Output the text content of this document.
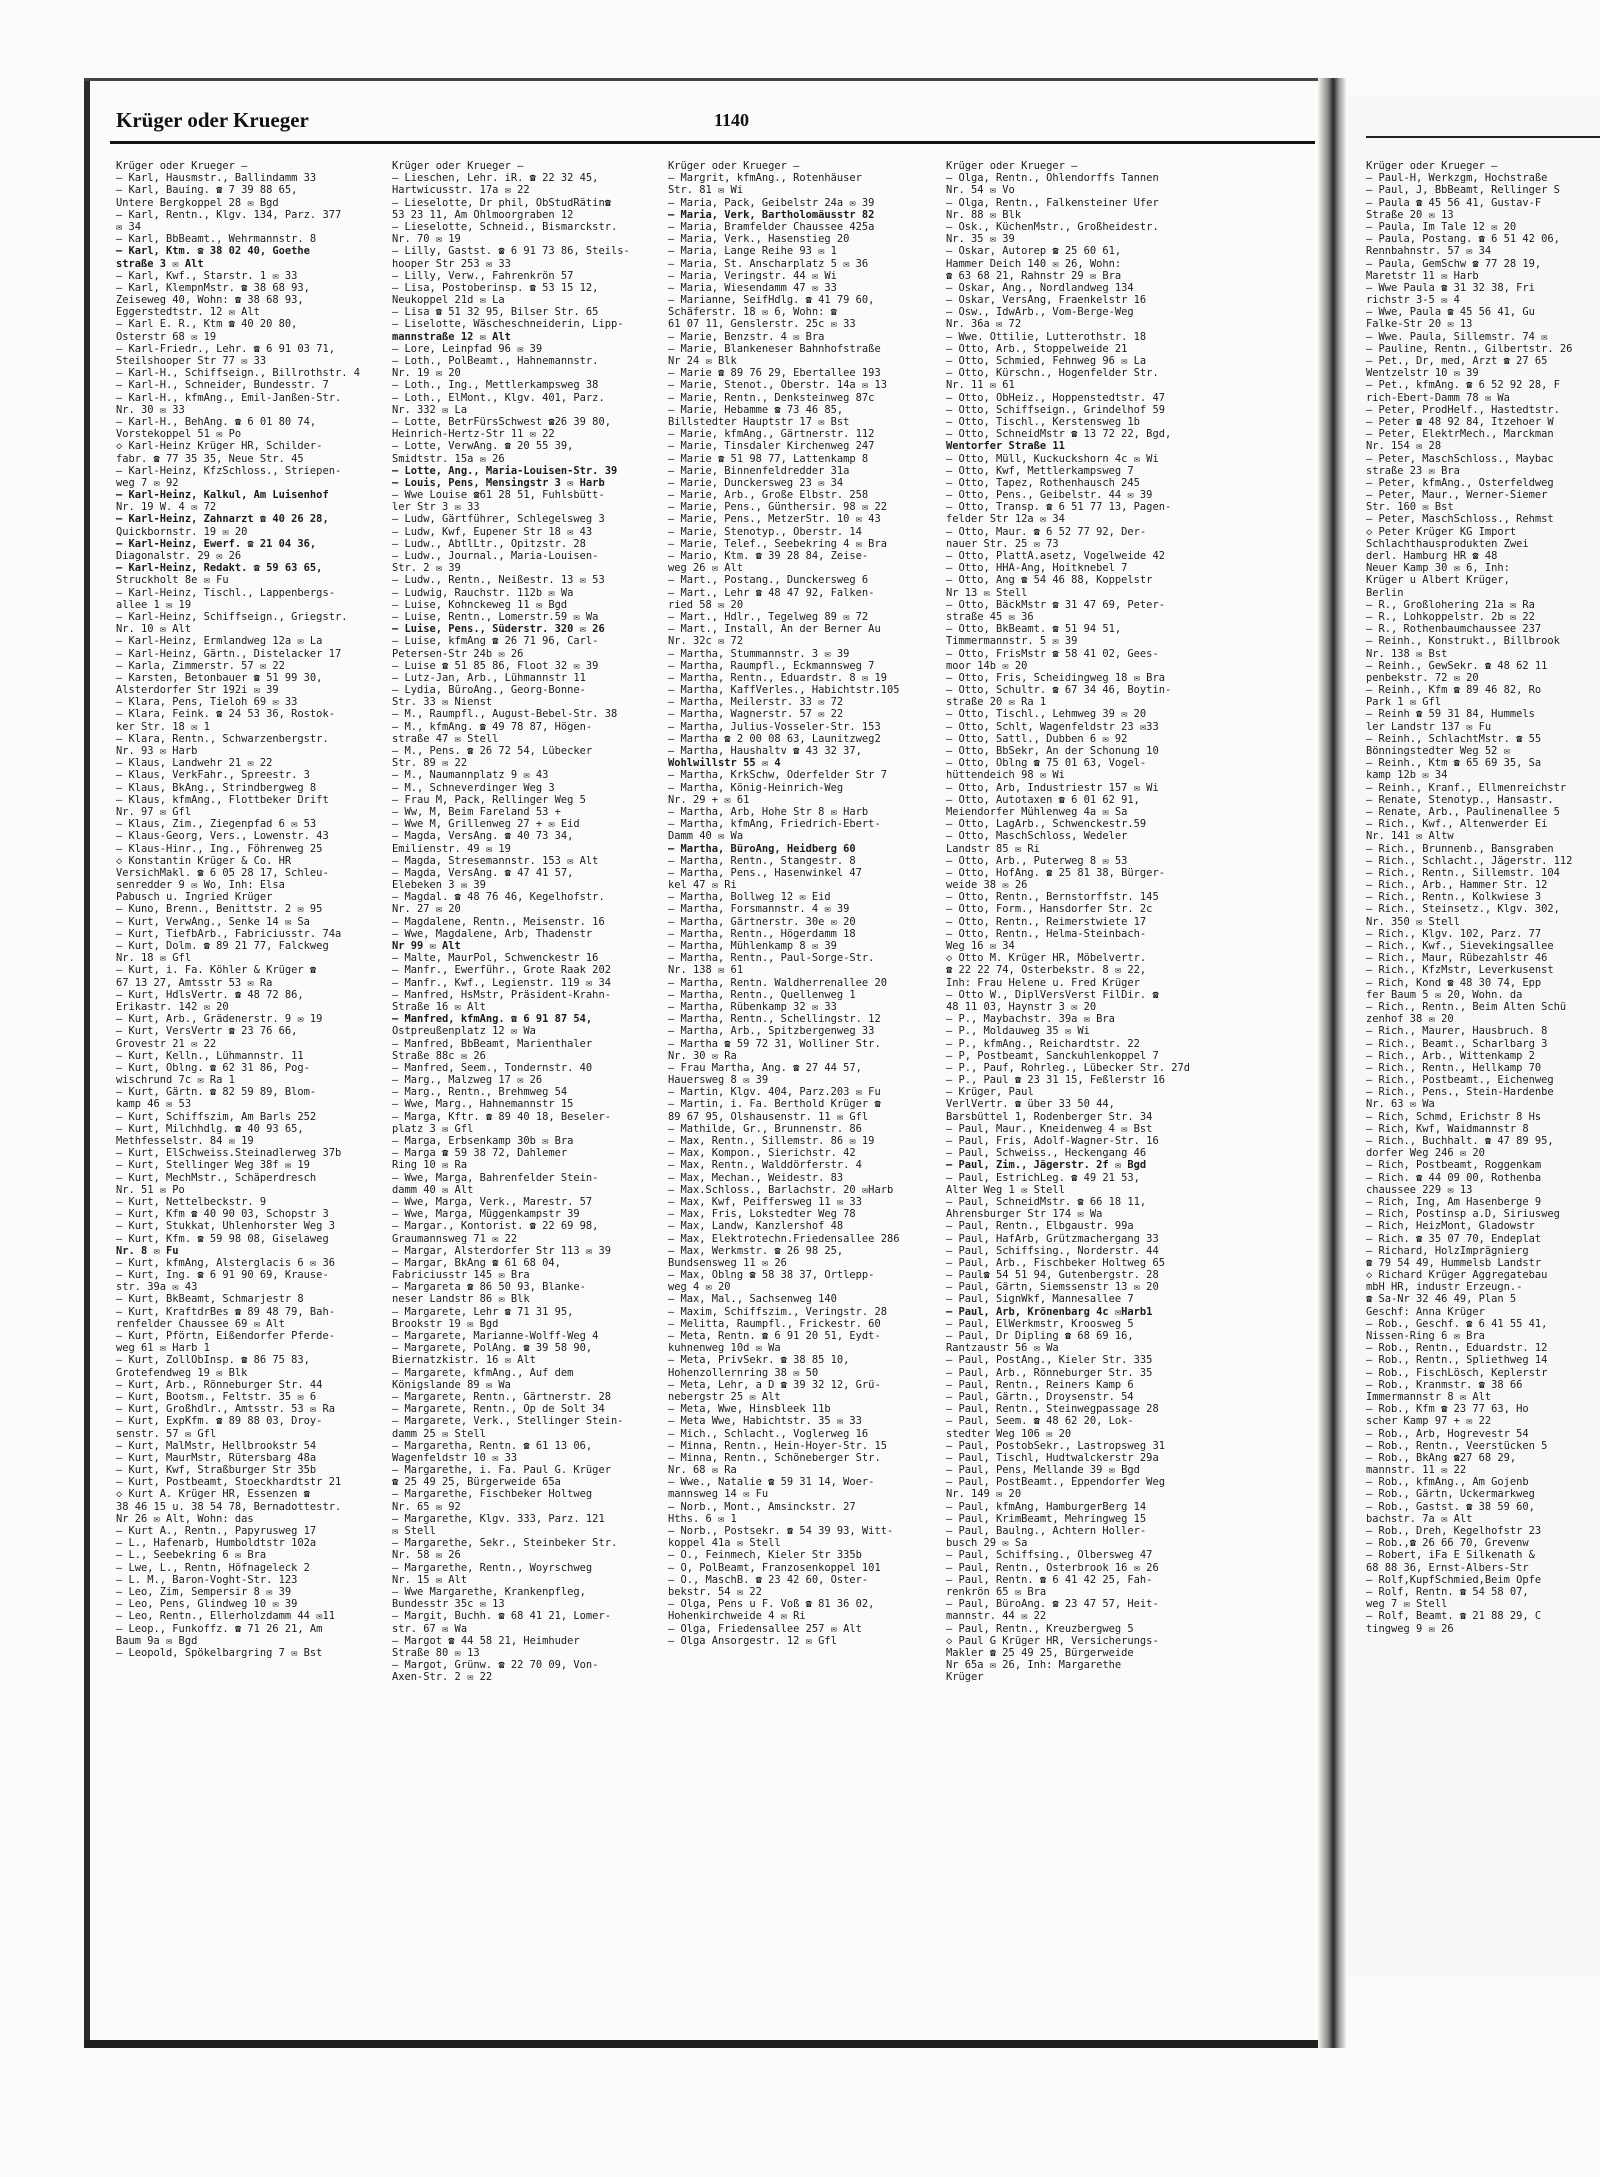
Krüger oder Krueger	1140
Krüger oder Krueger —
— Karl, Hausmstr., Ballindamm 33
— Karl, Bauing. ☎ 7 39 88 65,
Untere Bergkoppel 28 ✉ Bgd
— Karl, Rentn., Klgv. 134, Parz. 377
✉ 34
— Karl, BbBeamt., Wehrmannstr. 8
— Karl, Ktm. ☎ 38 02 40, Goethe
straße 3 ✉ Alt
— Karl, Kwf., Starstr. 1 ✉ 33
— Karl, KlempnMstr. ☎ 38 68 93,
Zeiseweg 40, Wohn: ☎ 38 68 93,
Eggerstedtstr. 12 ✉ Alt
— Karl E. R., Ktm ☎ 40 20 80,
Osterstr 68 ✉ 19
— Karl-Friedr., Lehr. ☎ 6 91 03 71,
Steilshooper Str 77 ✉ 33
— Karl-H., Schiffseign., Billrothstr. 4
— Karl-H., Schneider, Bundesstr. 7
— Karl-H., kfmAng., Emil-Janßen-Str.
Nr. 30 ✉ 33
— Karl-H., BehAng. ☎ 6 01 80 74,
Vorstekoppel 51 ✉ Po
◇ Karl-Heinz Krüger HR, Schilder-
fabr. ☎ 77 35 35, Neue Str. 45
— Karl-Heinz, KfzSchloss., Striepen-
weg 7 ✉ 92
— Karl-Heinz, Kalkul, Am Luisenhof
Nr. 19 W. 4 ✉ 72
— Karl-Heinz, Zahnarzt ☎ 40 26 28,
Quickbornstr. 19 ✉ 20
— Karl-Heinz, Ewerf. ☎ 21 04 36,
Diagonalstr. 29 ✉ 26
— Karl-Heinz, Redakt. ☎ 59 63 65,
Struckholt 8e ✉ Fu
— Karl-Heinz, Tischl., Lappenbergs-
allee 1 ✉ 19
— Karl-Heinz, Schiffseign., Griegstr.
Nr. 10 ✉ Alt
— Karl-Heinz, Ermlandweg 12a ✉ La
— Karl-Heinz, Gärtn., Distelacker 17
— Karla, Zimmerstr. 57 ✉ 22
— Karsten, Betonbauer ☎ 51 99 30,
Alsterdorfer Str 192i ✉ 39
— Klara, Pens, Tieloh 69 ✉ 33
— Klara, Feink. ☎ 24 53 36, Rostok-
ker Str. 18 ✉ 1
— Klara, Rentn., Schwarzenbergstr.
Nr. 93 ✉ Harb
— Klaus, Landwehr 21 ✉ 22
— Klaus, VerkFahr., Spreestr. 3
— Klaus, BkAng., Strindbergweg 8
— Klaus, kfmAng., Flottbeker Drift
Nr. 97 ✉ Gfl
— Klaus, Zim., Ziegenpfad 6 ✉ 53
— Klaus-Georg, Vers., Lowenstr. 43
— Klaus-Hinr., Ing., Föhrenweg 25
◇ Konstantin Krüger & Co. HR
VersichMakl. ☎ 6 05 28 17, Schleu-
senredder 9 ✉ Wo, Inh: Elsa
Pabusch u. Ingried Krüger
— Kuno, Brenn., Benittstr. 2 ✉ 95
— Kurt, VerwAng., Senke 14 ✉ Sa
— Kurt, TiefbArb., Fabriciusstr. 74a
— Kurt, Dolm. ☎ 89 21 77, Falckweg
Nr. 18 ✉ Gfl
— Kurt, i. Fa. Köhler & Krüger ☎
67 13 27, Amtsstr 53 ✉ Ra
— Kurt, HdlsVertr. ☎ 48 72 86,
Erikastr. 142 ✉ 20
— Kurt, Arb., Grädenerstr. 9 ✉ 19
— Kurt, VersVertr ☎ 23 76 66,
Grovestr 21 ✉ 22
— Kurt, Kelln., Lühmannstr. 11
— Kurt, Oblng. ☎ 62 31 86, Pog-
wischrund 7c ✉ Ra 1
— Kurt, Gärtn. ☎ 82 59 89, Blom-
kamp 46 ✉ 53
— Kurt, Schiffszim, Am Barls 252
— Kurt, Milchhdlg. ☎ 40 93 65,
Methfesselstr. 84 ✉ 19
— Kurt, ElSchweiss.Steinadlerweg 37b
— Kurt, Stellinger Weg 38f ✉ 19
— Kurt, MechMstr., Schäperdresch
Nr. 51 ✉ Po
— Kurt, Nettelbeckstr. 9
— Kurt, Kfm ☎ 40 90 03, Schopstr 3
— Kurt, Stukkat, Uhlenhorster Weg 3
— Kurt, Kfm. ☎ 59 98 08, Giselaweg
Nr. 8 ✉ Fu
— Kurt, kfmAng, Alsterglacis 6 ✉ 36
— Kurt, Ing. ☎ 6 91 90 69, Krause-
str. 39a ✉ 43
— Kurt, BkBeamt, Schmarjestr 8
— Kurt, KraftdrBes ☎ 89 48 79, Bah-
renfelder Chaussee 69 ✉ Alt
— Kurt, Pförtn, Eißendorfer Pferde-
weg 61 ✉ Harb 1
— Kurt, ZollObInsp. ☎ 86 75 83,
Grotefendweg 19 ✉ Blk
— Kurt, Arb., Rönneburger Str. 44
— Kurt, Bootsm., Feltstr. 35 ✉ 6
— Kurt, Großhdlr., Amtsstr. 53 ✉ Ra
— Kurt, ExpKfm. ☎ 89 88 03, Droy-
senstr. 57 ✉ Gfl
— Kurt, MalMstr, Hellbrookstr 54
— Kurt, MaurMstr, Rütersbarg 48a
— Kurt, Kwf, Straßburger Str 35b
— Kurt, Postbeamt, Stoeckhardtstr 21
◇ Kurt A. Krüger HR, Essenzen ☎
38 46 15 u. 38 54 78, Bernadottestr.
Nr 26 ✉ Alt, Wohn: das
— Kurt A., Rentn., Papyrusweg 17
— L., Hafenarb, Humboldtstr 102a
— L., Seebekring 6 ✉ Bra
— Lwe, L., Rentn, Höfnageleck 2
— L. M., Baron-Voght-Str. 123
— Leo, Zim, Sempersir 8 ✉ 39
— Leo, Pens, Glindweg 10 ✉ 39
— Leo, Rentn., Ellerholzdamm 44 ✉11
— Leop., Funkoffz. ☎ 71 26 21, Am
Baum 9a ✉ Bgd
— Leopold, Spökelbargring 7 ✉ Bst
Krüger oder Krueger —
— Lieschen, Lehr. iR. ☎ 22 32 45,
Hartwicusstr. 17a ✉ 22
— Lieselotte, Dr phil, ObStudRätin☎
53 23 11, Am Ohlmoorgraben 12
— Lieselotte, Schneid., Bismarckstr.
Nr. 70 ✉ 19
— Lilly, Gastst. ☎ 6 91 73 86, Steils-
hooper Str 253 ✉ 33
— Lilly, Verw., Fahrenkrön 57
— Lisa, Postoberinsp. ☎ 53 15 12,
Neukoppel 21d ✉ La
— Lisa ☎ 51 32 95, Bilser Str. 65
— Liselotte, Wäscheschneiderin, Lipp-
mannstraße 12 ✉ Alt
— Lore, Leinpfad 96 ✉ 39
— Loth., PolBeamt., Hahnemannstr.
Nr. 19 ✉ 20
— Loth., Ing., Mettlerkampsweg 38
— Loth., ElMont., Klgv. 401, Parz.
Nr. 332 ✉ La
— Lotte, BetrFürsSchwest ☎26 39 80,
Heinrich-Hertz-Str 11 ✉ 22
— Lotte, VerwAng. ☎ 20 55 39,
Smidtstr. 15a ✉ 26
— Lotte, Ang., Maria-Louisen-Str. 39
— Louis, Pens, Mensingstr 3 ✉ Harb
— Wwe Louise ☎61 28 51, Fuhlsbütt-
ler Str 3 ✉ 33
— Ludw, Gärtführer, Schlegelsweg 3
— Ludw, Kwf, Eupener Str 18 ✉ 43
— Ludw., AbtlLtr., Opitzstr. 28
— Ludw., Journal., Maria-Louisen-
Str. 2 ✉ 39
— Ludw., Rentn., Neißestr. 13 ✉ 53
— Ludwig, Rauchstr. 112b ✉ Wa
— Luise, Kohnckeweg 11 ✉ Bgd
— Luise, Rentn., Lomerstr.59 ✉ Wa
— Luise, Pens., Süderstr. 320 ✉ 26
— Luise, kfmAng ☎ 26 71 96, Carl-
Petersen-Str 24b ✉ 26
— Luise ☎ 51 85 86, Floot 32 ✉ 39
— Lutz-Jan, Arb., Lühmannstr 11
— Lydia, BüroAng., Georg-Bonne-
Str. 33 ✉ Nienst
— M., Raumpfl., August-Bebel-Str. 38
— M., kfmAng. ☎ 49 78 87, Högen-
straße 47 ✉ Stell
— M., Pens. ☎ 26 72 54, Lübecker
Str. 89 ✉ 22
— M., Naumannplatz 9 ✉ 43
— M., Schneverdinger Weg 3
— Frau M, Pack, Rellinger Weg 5
— Ww, M, Beim Fareland 53 +
— Wwe M, Grillenweg 27 + ✉ Eid
— Magda, VersAng. ☎ 40 73 34,
Emilienstr. 49 ✉ 19
— Magda, Stresemannstr. 153 ✉ Alt
— Magda, VersAng. ☎ 47 41 57,
Elebeken 3 ✉ 39
— Magdal. ☎ 48 76 46, Kegelhofstr.
Nr. 27 ✉ 20
— Magdalene, Rentn., Meisenstr. 16
— Wwe, Magdalene, Arb, Thadenstr
Nr 99 ✉ Alt
— Malte, MaurPol, Schwenckestr 16
— Manfr., Ewerführ., Grote Raak 202
— Manfr., Kwf., Legienstr. 119 ✉ 34
— Manfred, HsMstr, Präsident-Krahn-
Straße 16 ✉ Alt
— Manfred, kfmAng. ☎ 6 91 87 54,
Ostpreußenplatz 12 ✉ Wa
— Manfred, BbBeamt, Marienthaler
Straße 88c ✉ 26
— Manfred, Seem., Tondernstr. 40
— Marg., Malzweg 17 ✉ 26
— Marg., Rentn., Brehmweg 54
— Wwe, Marg., Hahnemannstr 15
— Marga, Kftr. ☎ 89 40 18, Beseler-
platz 3 ✉ Gfl
— Marga, Erbsenkamp 30b ✉ Bra
— Marga ☎ 59 38 72, Dahlemer
Ring 10 ✉ Ra
— Wwe, Marga, Bahrenfelder Stein-
damm 40 ✉ Alt
— Wwe, Marga, Verk., Marestr. 57
— Wwe, Marga, Müggenkampstr 39
— Margar., Kontorist. ☎ 22 69 98,
Graumannsweg 71 ✉ 22
— Margar, Alsterdorfer Str 113 ✉ 39
— Margar, BkAng ☎ 61 68 04,
Fabriciusstr 145 ✉ Bra
— Margareta ☎ 86 50 93, Blanke-
neser Landstr 86 ✉ Blk
— Margarete, Lehr ☎ 71 31 95,
Brookstr 19 ✉ Bgd
— Margarete, Marianne-Wolff-Weg 4
— Margarete, PolAng. ☎ 39 58 90,
Biernatzkistr. 16 ✉ Alt
— Margarete, kfmAng., Auf dem
Königslande 89 ✉ Wa
— Margarete, Rentn., Gärtnerstr. 28
— Margarete, Rentn., Op de Solt 34
— Margarete, Verk., Stellinger Stein-
damm 25 ✉ Stell
— Margaretha, Rentn. ☎ 61 13 06,
Wagenfeldstr 10 ✉ 33
— Margarethe, i. Fa. Paul G. Krüger
☎ 25 49 25, Bürgerweide 65a
— Margarethe, Fischbeker Holtweg
Nr. 65 ✉ 92
— Margarethe, Klgv. 333, Parz. 121
✉ Stell
— Margarethe, Sekr., Steinbeker Str.
Nr. 58 ✉ 26
— Margarethe, Rentn., Woyrschweg
Nr. 15 ✉ Alt
— Wwe Margarethe, Krankenpfleg,
Bundesstr 35c ✉ 13
— Margit, Buchh. ☎ 68 41 21, Lomer-
str. 67 ✉ Wa
— Margot ☎ 44 58 21, Heimhuder
Straße 80 ✉ 13
— Margot, Grünw. ☎ 22 70 09, Von-
Axen-Str. 2 ✉ 22
Krüger oder Krueger —
— Margrit, kfmAng., Rotenhäuser
Str. 81 ✉ Wi
— Maria, Pack, Geibelstr 24a ✉ 39
— Maria, Verk, Bartholomäusstr 82
— Maria, Bramfelder Chaussee 425a
— Maria, Verk., Hasenstieg 20
— Maria, Lange Reihe 93 ✉ 1
— Maria, St. Anscharplatz 5 ✉ 36
— Maria, Veringstr. 44 ✉ Wi
— Maria, Wiesendamm 47 ✉ 33
— Marianne, SeifHdlg. ☎ 41 79 60,
Schäferstr. 18 ✉ 6, Wohn: ☎
61 07 11, Genslerstr. 25c ✉ 33
— Marie, Benzstr. 4 ✉ Bra
— Marie, Blankeneser Bahnhofstraße
Nr 24 ✉ Blk
— Marie ☎ 89 76 29, Ebertallee 193
— Marie, Stenot., Oberstr. 14a ✉ 13
— Marie, Rentn., Denksteinweg 87c
— Marie, Hebamme ☎ 73 46 85,
Billstedter Hauptstr 17 ✉ Bst
— Marie, kfmAng., Gärtnerstr. 112
— Marie, Tinsdaler Kirchenweg 247
— Marie ☎ 51 98 77, Lattenkamp 8
— Marie, Binnenfeldredder 31a
— Marie, Dunckersweg 23 ✉ 34
— Marie, Arb., Große Elbstr. 258
— Marie, Pens., Günthersir. 98 ✉ 22
— Marie, Pens., MetzerStr. 10 ✉ 43
— Marie, Stenotyp., Oberstr. 14
— Marie, Telef., Seebekring 4 ✉ Bra
— Mario, Ktm. ☎ 39 28 84, Zeise-
weg 26 ✉ Alt
— Mart., Postang., Dunckersweg 6
— Mart., Lehr ☎ 48 47 92, Falken-
ried 58 ✉ 20
— Mart., Hdlr., Tegelweg 89 ✉ 72
— Mart., Install, An der Berner Au
Nr. 32c ✉ 72
— Martha, Stummannstr. 3 ✉ 39
— Martha, Raumpfl., Eckmannsweg 7
— Martha, Rentn., Eduardstr. 8 ✉ 19
— Martha, KaffVerles., Habichtstr.105
— Martha, Meilerstr. 33 ✉ 72
— Martha, Wagnerstr. 57 ✉ 22
— Martha, Julius-Vosseler-Str. 153
— Martha ☎ 2 00 08 63, Launitzweg2
— Martha, Haushaltv ☎ 43 32 37,
Wohlwillstr 55 ✉ 4
— Martha, KrkSchw, Oderfelder Str 7
— Martha, König-Heinrich-Weg
Nr. 29 + ✉ 61
— Martha, Arb, Hohe Str 8 ✉ Harb
— Martha, kfmAng, Friedrich-Ebert-
Damm 40 ✉ Wa
— Martha, BüroAng, Heidberg 60
— Martha, Rentn., Stangestr. 8
— Martha, Pens., Hasenwinkel 47
kel 47 ✉ Ri
— Martha, Bollweg 12 ✉ Eid
— Martha, Forsmannstr. 4 ✉ 39
— Martha, Gärtnerstr. 30e ✉ 20
— Martha, Rentn., Högerdamm 18
— Martha, Mühlenkamp 8 ✉ 39
— Martha, Rentn., Paul-Sorge-Str.
Nr. 138 ✉ 61
— Martha, Rentn. Waldherrenallee 20
— Martha, Rentn., Quellenweg 1
— Martha, Rübenkamp 32 ✉ 33
— Martha, Rentn., Schellingstr. 12
— Martha, Arb., Spitzbergenweg 33
— Martha ☎ 59 72 31, Wolliner Str.
Nr. 30 ✉ Ra
— Frau Martha, Ang. ☎ 27 44 57,
Hauersweg 8 ✉ 39
— Martin, Klgv. 404, Parz.203 ✉ Fu
— Martin, i. Fa. Berthold Krüger ☎
89 67 95, Olshausenstr. 11 ✉ Gfl
— Mathilde, Gr., Brunnenstr. 86
— Max, Rentn., Sillemstr. 86 ✉ 19
— Max, Kompon., Sierichstr. 42
— Max, Rentn., Walddörferstr. 4
— Max, Mechan., Weidestr. 83
— Max.Schloss., Barlachstr. 20 ✉Harb
— Max, Kwf, Peiffersweg 11 ✉ 33
— Max, Fris, Lokstedter Weg 78
— Max, Landw, Kanzlershof 48
— Max, Elektrotechn.Friedensallee 286
— Max, Werkmstr. ☎ 26 98 25,
Bundsensweg 11 ✉ 26
— Max, Oblng ☎ 58 38 37, Ortlepp-
weg 4 ✉ 20
— Max, Mal., Sachsenweg 140
— Maxim, Schiffszim., Veringstr. 28
— Melitta, Raumpfl., Frickestr. 60
— Meta, Rentn. ☎ 6 91 20 51, Eydt-
kuhnenweg 10d ✉ Wa
— Meta, PrivSekr. ☎ 38 85 10,
Hohenzollernring 38 ✉ 50
— Meta, Lehr, a D ☎ 39 32 12, Grü-
nebergstr 25 ✉ Alt
— Meta, Wwe, Hinsbleek 11b
— Meta Wwe, Habichtstr. 35 ✉ 33
— Mich., Schlacht., Voglerweg 16
— Minna, Rentn., Hein-Hoyer-Str. 15
— Minna, Rentn., Schöneberger Str.
Nr. 68 ✉ Ra
— Wwe., Natalie ☎ 59 31 14, Woer-
mannsweg 14 ✉ Fu
— Norb., Mont., Amsinckstr. 27
Hths. 6 ✉ 1
— Norb., Postsekr. ☎ 54 39 93, Witt-
koppel 41a ✉ Stell
— O., Feinmech, Kieler Str 335b
— O, PolBeamt, Franzosenkoppel 101
— O., MaschB. ☎ 23 42 60, Oster-
bekstr. 54 ✉ 22
— Olga, Pens u F. Voß ☎ 81 36 02,
Hohenkirchweide 4 ✉ Ri
— Olga, Friedensallee 257 ✉ Alt
— Olga Ansorgestr. 12 ✉ Gfl
Krüger oder Krueger —
— Olga, Rentn., Ohlendorffs Tannen
Nr. 54 ✉ Vo
— Olga, Rentn., Falkensteiner Ufer
Nr. 88 ✉ Blk
— Osk., KüchenMstr., Großheidestr.
Nr. 35 ✉ 39
— Oskar, Autorep ☎ 25 60 61,
Hammer Deich 140 ✉ 26, Wohn:
☎ 63 68 21, Rahnstr 29 ✉ Bra
— Oskar, Ang., Nordlandweg 134
— Oskar, VersAng, Fraenkelstr 16
— Osw., IdwArb., Vom-Berge-Weg
Nr. 36a ✉ 72
— Wwe. Ottilie, Lutterothstr. 18
— Otto, Arb., Stoppelweide 21
— Otto, Schmied, Fehnweg 96 ✉ La
— Otto, Kürschn., Hogenfelder Str.
Nr. 11 ✉ 61
— Otto, ObHeiz., Hoppenstedtstr. 47
— Otto, Schiffseign., Grindelhof 59
— Otto, Tischl., Kerstensweg 1b
— Otto, SchneidMstr ☎ 13 72 22, Bgd,
Wentorfer Straße 11
— Otto, Müll, Kuckuckshorn 4c ✉ Wi
— Otto, Kwf, Mettlerkampsweg 7
— Otto, Tapez, Rothenhausch 245
— Otto, Pens., Geibelstr. 44 ✉ 39
— Otto, Transp. ☎ 6 51 77 13, Pagen-
felder Str 12a ✉ 34
— Otto, Maur. ☎ 6 52 77 92, Der-
nauer Str. 25 ✉ 73
— Otto, PlattA.asetz, Vogelweide 42
— Otto, HHA-Ang, Hoitknebel 7
— Otto, Ang ☎ 54 46 88, Koppelstr
Nr 13 ✉ Stell
— Otto, BäckMstr ☎ 31 47 69, Peter-
straße 45 ✉ 36
— Otto, BkBeamt. ☎ 51 94 51,
Timmermannstr. 5 ✉ 39
— Otto, FrisMstr ☎ 58 41 02, Gees-
moor 14b ✉ 20
— Otto, Fris, Scheidingweg 18 ✉ Bra
— Otto, Schultr. ☎ 67 34 46, Boytin-
straße 20 ✉ Ra 1
— Otto, Tischl., Lehmweg 39 ✉ 20
— Otto, Schlt, Wagenfeldstr 23 ✉33
— Otto, Sattl., Dubben 6 ✉ 92
— Otto, BbSekr, An der Schonung 10
— Otto, Oblng ☎ 75 01 63, Vogel-
hüttendeich 98 ✉ Wi
— Otto, Arb, Industriestr 157 ✉ Wi
— Otto, Autotaxen ☎ 6 01 62 91,
Meiendorfer Mühlenweg 4a ✉ Sa
— Otto, LagArb., Schwenckestr.59
— Otto, MaschSchloss, Wedeler
Landstr 85 ✉ Ri
— Otto, Arb., Puterweg 8 ✉ 53
— Otto, HofAng. ☎ 25 81 38, Bürger-
weide 38 ✉ 26
— Otto, Rentn., Bernstorffstr. 145
— Otto, Form., Hansdorfer Str. 2c
— Otto, Rentn., Reimerstwiete 17
— Otto, Rentn., Helma-Steinbach-
Weg 16 ✉ 34
◇ Otto M. Krüger HR, Möbelvertr.
☎ 22 22 74, Osterbekstr. 8 ✉ 22,
Inh: Frau Helene u. Fred Krüger
— Otto W., DiplVersVerst FilDir. ☎
48 11 03, Haynstr 3 ✉ 20
— P., Maybachstr. 39a ✉ Bra
— P., Moldauweg 35 ✉ Wi
— P., kfmAng., Reichardtstr. 22
— P, Postbeamt, Sanckuhlenkoppel 7
— P., Pauf, Rohrleg., Lübecker Str. 27d
— P., Paul ☎ 23 31 15, Feßlerstr 16
— Krüger, Paul
VerlVertr. ☎ über 33 50 44,
Barsbüttel 1, Rodenberger Str. 34
— Paul, Maur., Kneidenweg 4 ✉ Bst
— Paul, Fris, Adolf-Wagner-Str. 16
— Paul, Schweiss., Heckengang 46
— Paul, Zim., Jägerstr. 2f ✉ Bgd
— Paul, EstrichLeg. ☎ 49 21 53,
Alter Weg 1 ✉ Stell
— Paul, SchneidMstr. ☎ 66 18 11,
Ahrensburger Str 174 ✉ Wa
— Paul, Rentn., Elbgaustr. 99a
— Paul, HafArb, Grützmachergang 33
— Paul, Schiffsing., Norderstr. 44
— Paul, Arb., Fischbeker Holtweg 65
— Paul☎ 54 51 94, Gutenbergstr. 28
— Paul, Gärtn, Siemssenstr 13 ✉ 20
— Paul, SignWkf, Mannesallee 7
— Paul, Arb, Krönenbarg 4c ✉Harb1
— Paul, ElWerkmstr, Kroosweg 5
— Paul, Dr Dipling ☎ 68 69 16,
Rantzaustr 56 ✉ Wa
— Paul, PostAng., Kieler Str. 335
— Paul, Arb., Rönneburger Str. 35
— Paul, Rentn., Reiners Kamp 6
— Paul, Gärtn., Droysenstr. 54
— Paul, Rentn., Steinwegpassage 28
— Paul, Seem. ☎ 48 62 20, Lok-
stedter Weg 106 ✉ 20
— Paul, PostobSekr., Lastropsweg 31
— Paul, Tischl, Hudtwalckerstr 29a
— Paul, Pens, Mellande 39 ✉ Bgd
— Paul, PostBeamt., Eppendorfer Weg
Nr. 149 ✉ 20
— Paul, kfmAng, HamburgerBerg 14
— Paul, KrimBeamt, Mehringweg 15
— Paul, Baulng., Achtern Holler-
busch 29 ✉ Sa
— Paul, Schiffsing., Olbersweg 47
— Paul, Rentn., Osterbrook 16 ✉ 26
— Paul, Rentn. ☎ 6 41 42 25, Fah-
renkrön 65 ✉ Bra
— Paul, BüroAng. ☎ 23 47 57, Heit-
mannstr. 44 ✉ 22
— Paul, Rentn., Kreuzbergweg 5
◇ Paul G Krüger HR, Versicherungs-
Makler ☎ 25 49 25, Bürgerweide
Nr 65a ✉ 26, Inh: Margarethe
Krüger
Krüger oder Krueger —
— Paul-H, Werkzgm, Hochstraße
— Paul, J, BbBeamt, Rellinger S
— Paula ☎ 45 56 41, Gustav-F
Straße 20 ✉ 13
— Paula, Im Tale 12 ✉ 20
— Paula, Postang. ☎ 6 51 42 06,
Rennbahnstr. 57 ✉ 34
— Paula, GemSchw ☎ 77 28 19,
Maretstr 11 ✉ Harb
— Wwe Paula ☎ 31 32 38, Fri
richstr 3-5 ✉ 4
— Wwe, Paula ☎ 45 56 41, Gu
Falke-Str 20 ✉ 13
— Wwe. Paula, Sillemstr. 74 ✉
— Pauline, Rentn., Gilbertstr. 26
— Pet., Dr, med, Arzt ☎ 27 65
Wentzelstr 10 ✉ 39
— Pet., kfmAng. ☎ 6 52 92 28, F
rich-Ebert-Damm 78 ✉ Wa
— Peter, ProdHelf., Hastedtstr.
— Peter ☎ 48 92 84, Itzehoer W
— Peter, ElektrMech., Marckman
Nr. 154 ✉ 28
— Peter, MaschSchloss., Maybac
straße 23 ✉ Bra
— Peter, kfmAng., Osterfeldweg
— Peter, Maur., Werner-Siemer
Str. 160 ✉ Bst
— Peter, MaschSchloss., Rehmst
◇ Peter Krüger KG Import
Schlachthausprodukten Zwei
derl. Hamburg HR ☎ 48
Neuer Kamp 30 ✉ 6, Inh:
Krüger u Albert Krüger,
Berlin
— R., Großlohering 21a ✉ Ra
— R., Lohkoppelstr. 2b ✉ 22
— R., Rothenbaumchaussee 237
— Reinh., Konstrukt., Billbrook
Nr. 138 ✉ Bst
— Reinh., GewSekr. ☎ 48 62 11
penbekstr. 72 ✉ 20
— Reinh., Kfm ☎ 89 46 82, Ro
Park 1 ✉ Gfl
— Reinh ☎ 59 31 84, Hummels
ler Landstr 137 ✉ Fu
— Reinh., SchlachtMstr. ☎ 55
Bönningstedter Weg 52 ✉
— Reinh., Ktm ☎ 65 69 35, Sa
kamp 12b ✉ 34
— Reinh., Kranf., Ellmenreichstr
— Renate, Stenotyp., Hansastr.
— Renate, Arb., Paulinenallee 5
— Rich., Kwf., Altenwerder Ei
Nr. 141 ✉ Altw
— Rich., Brunnenb., Bansgraben
— Rich., Schlacht., Jägerstr. 112
— Rich., Rentn., Sillemstr. 104
— Rich., Arb., Hammer Str. 12
— Rich., Rentn., Kolkwiese 3
— Rich., Steinsetz., Klgv. 302,
Nr. 350 ✉ Stell
— Rich., Klgv. 102, Parz. 77
— Rich., Kwf., Sievekingsallee
— Rich., Maur, Rübezahlstr 46
— Rich., KfzMstr, Leverkusenst
— Rich, Kond ☎ 48 30 74, Epp
fer Baum 5 ✉ 20, Wohn. da
— Rich., Rentn., Beim Alten Schü
zenhof 38 ✉ 20
— Rich., Maurer, Hausbruch. 8
— Rich., Beamt., Scharlbarg 3
— Rich., Arb., Wittenkamp 2
— Rich., Rentn., Hellkamp 70
— Rich., Postbeamt., Eichenweg
— Rich., Pens., Stein-Hardenbe
Nr. 63 ✉ Wa
— Rich, Schmd, Erichstr 8 Hs
— Rich, Kwf, Waidmannstr 8
— Rich., Buchhalt. ☎ 47 89 95,
dorfer Weg 246 ✉ 20
— Rich, Postbeamt, Roggenkam
— Rich. ☎ 44 09 00, Rothenba
chaussee 229 ✉ 13
— Rich, Ing, Am Hasenberge 9
— Rich, Postinsp a.D, Siriusweg
— Rich, HeizMont, Gladowstr
— Rich. ☎ 35 07 70, Endeplat
— Richard, HolzImprägnierg
☎ 79 54 49, Hummelsb Landstr
◇ Richard Krüger Aggregatebau
mbH HR, industr Erzeugn.-
☎ Sa-Nr 32 46 49, Plan 5
Geschf: Anna Krüger
— Rob., Geschf. ☎ 6 41 55 41,
Nissen-Ring 6 ✉ Bra
— Rob., Rentn., Eduardstr. 12
— Rob., Rentn., Spliethweg 14
— Rob., FischLösch, Keplerstr
— Rob., Kranmstr. ☎ 38 66
Immermannstr 8 ✉ Alt
— Rob., Kfm ☎ 23 77 63, Ho
scher Kamp 97 + ✉ 22
— Rob., Arb, Hogrevestr 54
— Rob., Rentn., Veerstücken 5
— Rob., BkAng ☎27 68 29,
mannstr. 11 ✉ 22
— Rob., kfmAng., Am Gojenb
— Rob., Gärtn, Uckermarkweg
— Rob., Gastst. ☎ 38 59 60,
bachstr. 7a ✉ Alt
— Rob., Dreh, Kegelhofstr 23
— Rob.,☎ 26 66 70, Grevenw
— Robert, iFa E Silkenath &
68 88 36, Ernst-Albers-Str
— Rolf,KupfSchmied,Beim Opfe
— Rolf, Rentn. ☎ 54 58 07,
weg 7 ✉ Stell
— Rolf, Beamt. ☎ 21 88 29, C
tingweg 9 ✉ 26
